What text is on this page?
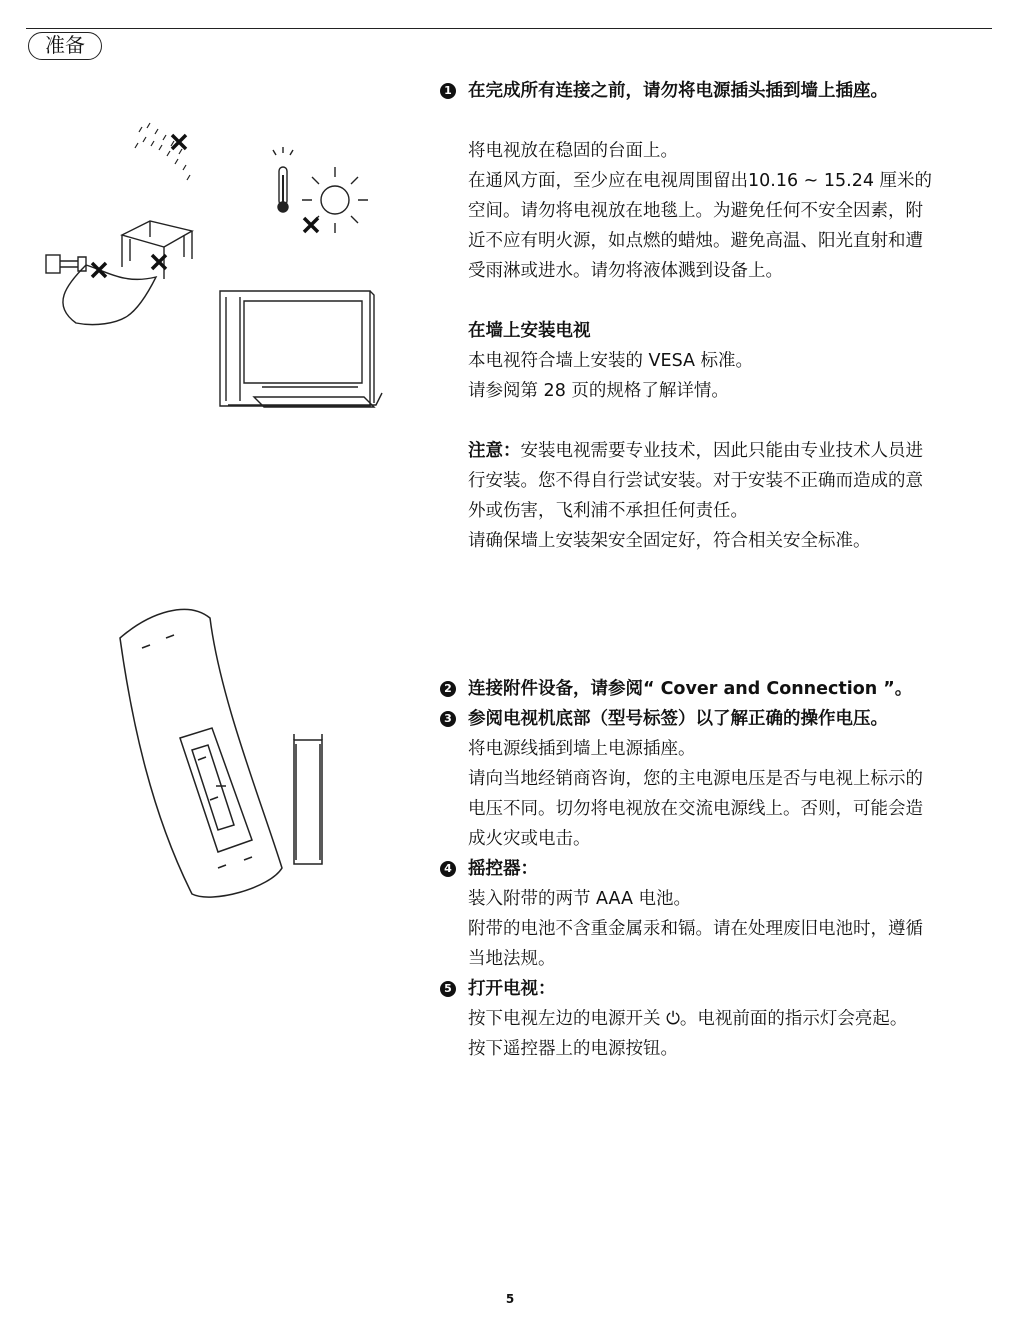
准备
1 在完成所有连接之前，请勿将电源插头插到墙上插座。
将电视放在稳固的台面上。
在通风方面，至少应在电视周围留出10.16 ~ 15.24 厘米的
空间。请勿将电视放在地毯上。为避免任何不安全因素，附
近不应有明火源，如点燃的蜡烛。避免高温、阳光直射和遭
受雨淋或进水。请勿将液体溅到设备上。
在墙上安装电视
本电视符合墙上安装的 VESA 标准。
请参阅第 28 页的规格了解详情。
注意：安装电视需要专业技术，因此只能由专业技术人员进
行安装。您不得自行尝试安装。对于安装不正确而造成的意
外或伤害，飞利浦不承担任何责任。
请确保墙上安装架安全固定好，符合相关安全标准。
2 连接附件设备，请参阅“ Cover and Connection ”。
3 参阅电视机底部（型号标签）以了解正确的操作电压。
将电源线插到墙上电源插座。
请向当地经销商咨询，您的主电源电压是否与电视上标示的
电压不同。切勿将电视放在交流电源线上。否则，可能会造
成火灾或电击。
4 摇控器：
装入附带的两节 AAA 电池。
附带的电池不含重金属汞和镉。请在处理废旧电池时，遵循
当地法规。
5 打开电视：
按下电视左边的电源开关 ⏻。电视前面的指示灯会亮起。
按下遥控器上的电源按钮。
5
